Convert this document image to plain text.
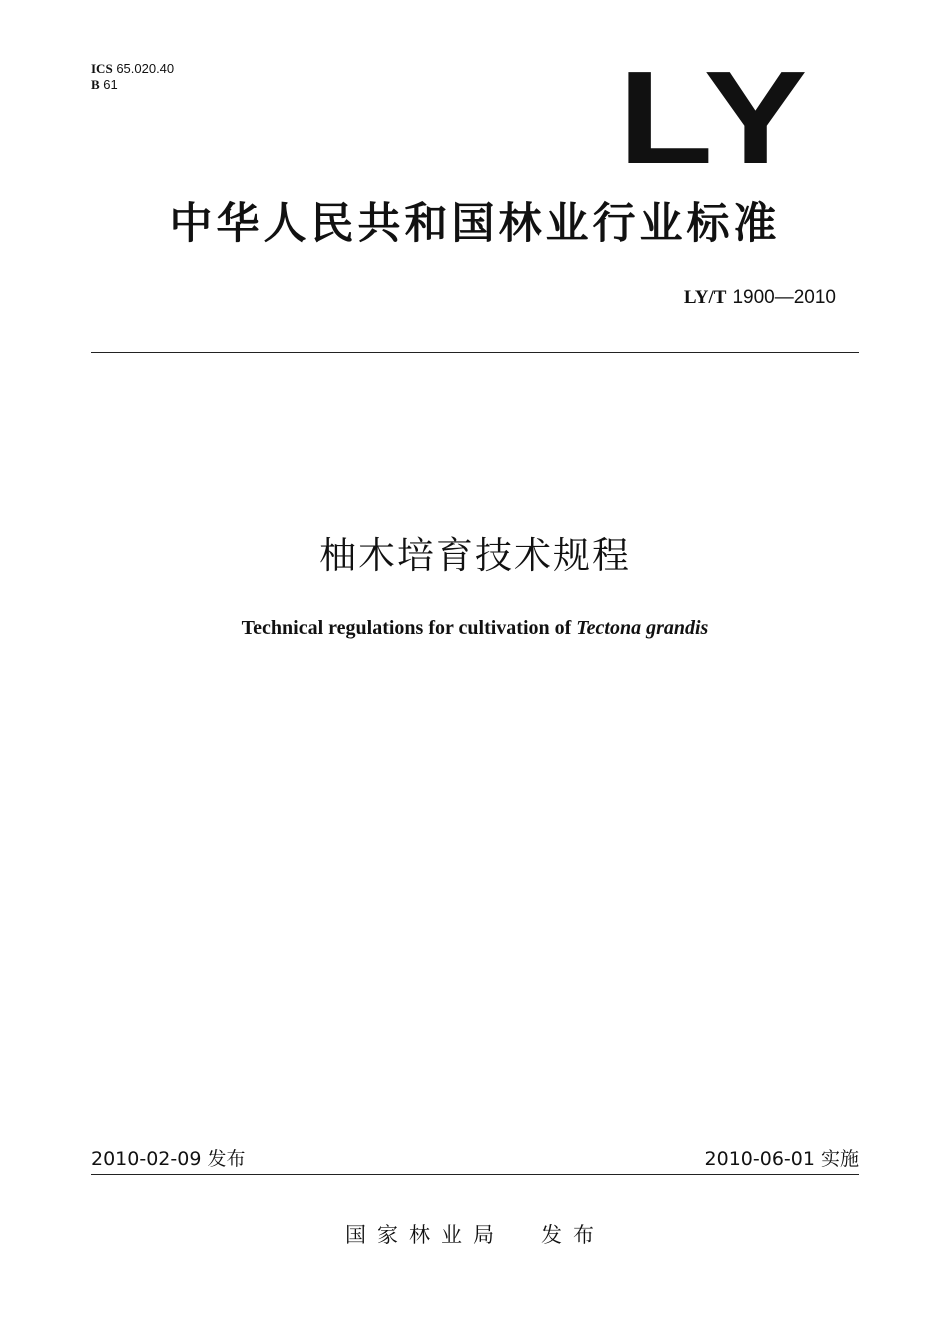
ICS 65.020.40
B 61	LY
中华人民共和国林业行业标准
LY/T 1900—2010
柚木培育技术规程
Technical regulations for cultivation of Tectona grandis
2010-02-09 发布	2010-06-01 实施
国家林业局 发布
